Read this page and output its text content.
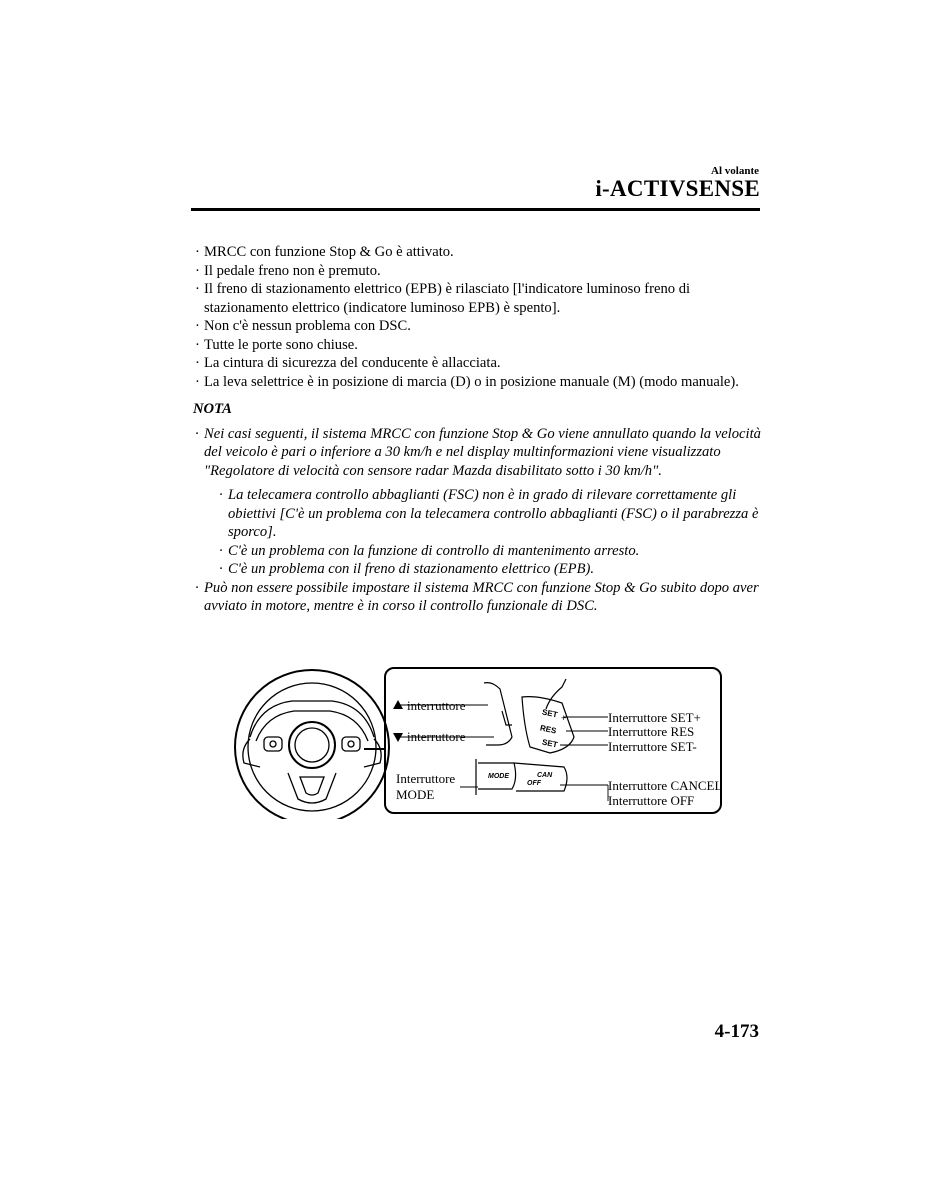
Al volante
i-ACTIVSENSE
· MRCC con funzione Stop & Go è attivato.
· Il pedale freno non è premuto.
· Il freno di stazionamento elettrico (EPB) è rilasciato [l'indicatore luminoso freno di stazionamento elettrico (indicatore luminoso EPB) è spento].
· Non c'è nessun problema con DSC.
· Tutte le porte sono chiuse.
· La cintura di sicurezza del conducente è allacciata.
· La leva selettrice è in posizione di marcia (D) o in posizione manuale (M) (modo manuale).
NOTA
· Nei casi seguenti, il sistema MRCC con funzione Stop & Go viene annullato quando la velocità del veicolo è pari o inferiore a 30 km/h e nel display multinformazioni viene visualizzato "Regolatore di velocità con sensore radar Mazda disabilitato sotto i 30 km/h".
· La telecamera controllo abbaglianti (FSC) non è in grado di rilevare correttamente gli obiettivi [C'è un problema con la telecamera controllo abbaglianti (FSC) o il parabrezza è sporco].
· C'è un problema con la funzione di controllo di mantenimento arresto.
· C'è un problema con il freno di stazionamento elettrico (EPB).
· Può non essere possibile impostare il sistema MRCC con funzione Stop & Go subito dopo aver avviato in motore, mentre è in corso il controllo funzionale di DSC.
interruttore
interruttore
Interruttore
MODE
Interruttore SET+
Interruttore RES
Interruttore SET-
Interruttore CANCEL
Interruttore OFF
SET +
RES
SET -
MODE	CAN
OFF
4-173
